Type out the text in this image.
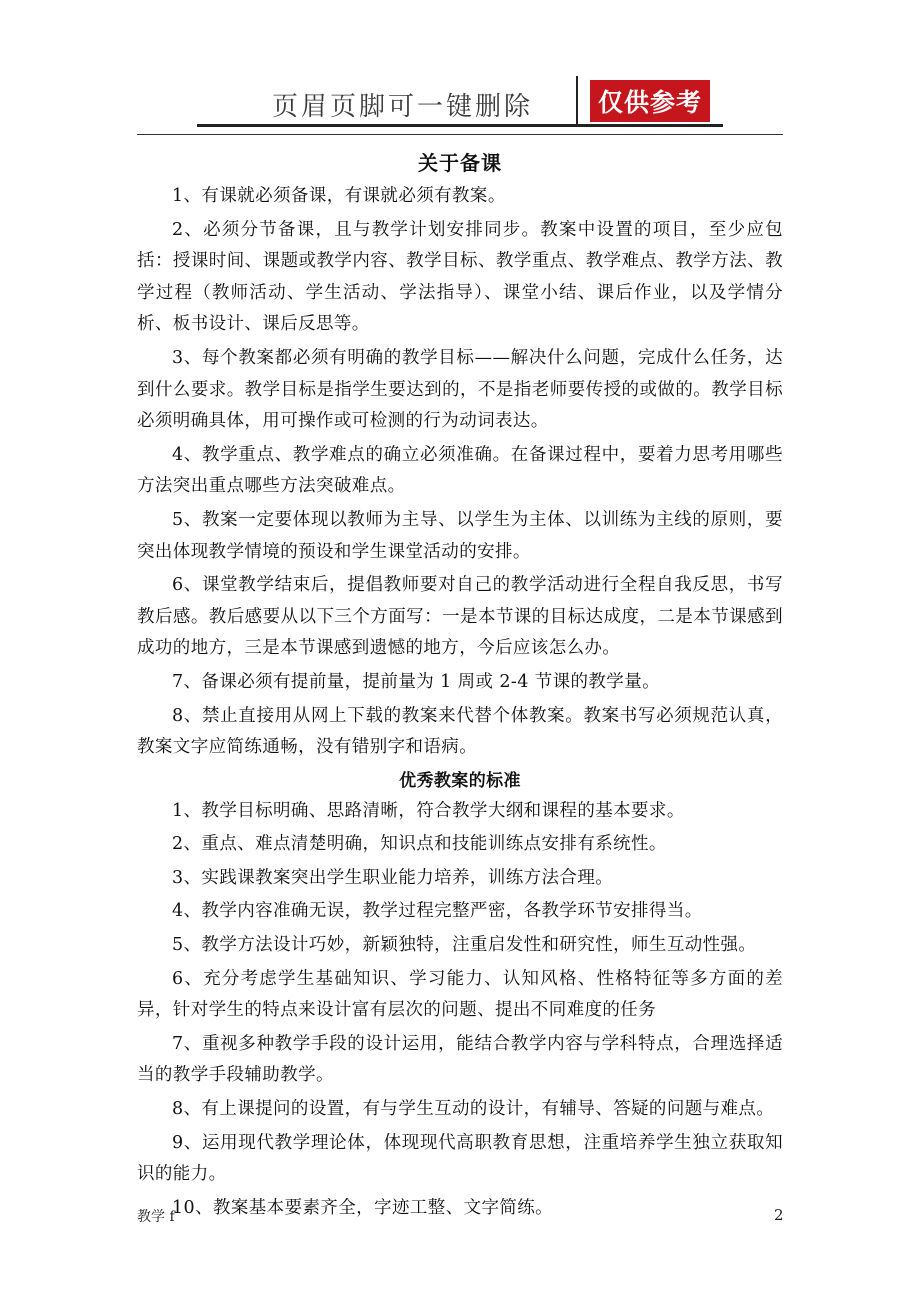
页眉页脚可一键删除	仅供参考
关于备课

1、有课就必须备课，有课就必须有教案。

2、必须分节备课，且与教学计划安排同步。教案中设置的项目，至少应包括：授课时间、课题或教学内容、教学目标、教学重点、教学难点、教学方法、教学过程（教师活动、学生活动、学法指导）、课堂小结、课后作业，以及学情分析、板书设计、课后反思等。

3、每个教案都必须有明确的教学目标——解决什么问题，完成什么任务，达到什么要求。教学目标是指学生要达到的，不是指老师要传授的或做的。教学目标必须明确具体，用可操作或可检测的行为动词表达。

4、教学重点、教学难点的确立必须准确。在备课过程中，要着力思考用哪些方法突出重点哪些方法突破难点。

5、教案一定要体现以教师为主导、以学生为主体、以训练为主线的原则，要突出体现教学情境的预设和学生课堂活动的安排。

6、课堂教学结束后，提倡教师要对自己的教学活动进行全程自我反思，书写教后感。教后感要从以下三个方面写：一是本节课的目标达成度，二是本节课感到成功的地方，三是本节课感到遗憾的地方，今后应该怎么办。

7、备课必须有提前量，提前量为 1 周或 2-4 节课的教学量。

8、禁止直接用从网上下载的教案来代替个体教案。教案书写必须规范认真，教案文字应简练通畅，没有错别字和语病。

优秀教案的标准

1、教学目标明确、思路清晰，符合教学大纲和课程的基本要求。

2、重点、难点清楚明确，知识点和技能训练点安排有系统性。

3、实践课教案突出学生职业能力培养，训练方法合理。

4、教学内容准确无误，教学过程完整严密，各教学环节安排得当。

5、教学方法设计巧妙，新颖独特，注重启发性和研究性，师生互动性强。

6、充分考虑学生基础知识、学习能力、认知风格、性格特征等多方面的差异，针对学生的特点来设计富有层次的问题、提出不同难度的任务

7、重视多种教学手段的设计运用，能结合教学内容与学科特点，合理选择适当的教学手段辅助教学。

8、有上课提问的设置，有与学生互动的设计，有辅导、答疑的问题与难点。

9、运用现代教学理论体，体现现代高职教育思想，注重培养学生独立获取知识的能力。

10、教案基本要素齐全，字迹工整、文字简练。

教学 f	2
